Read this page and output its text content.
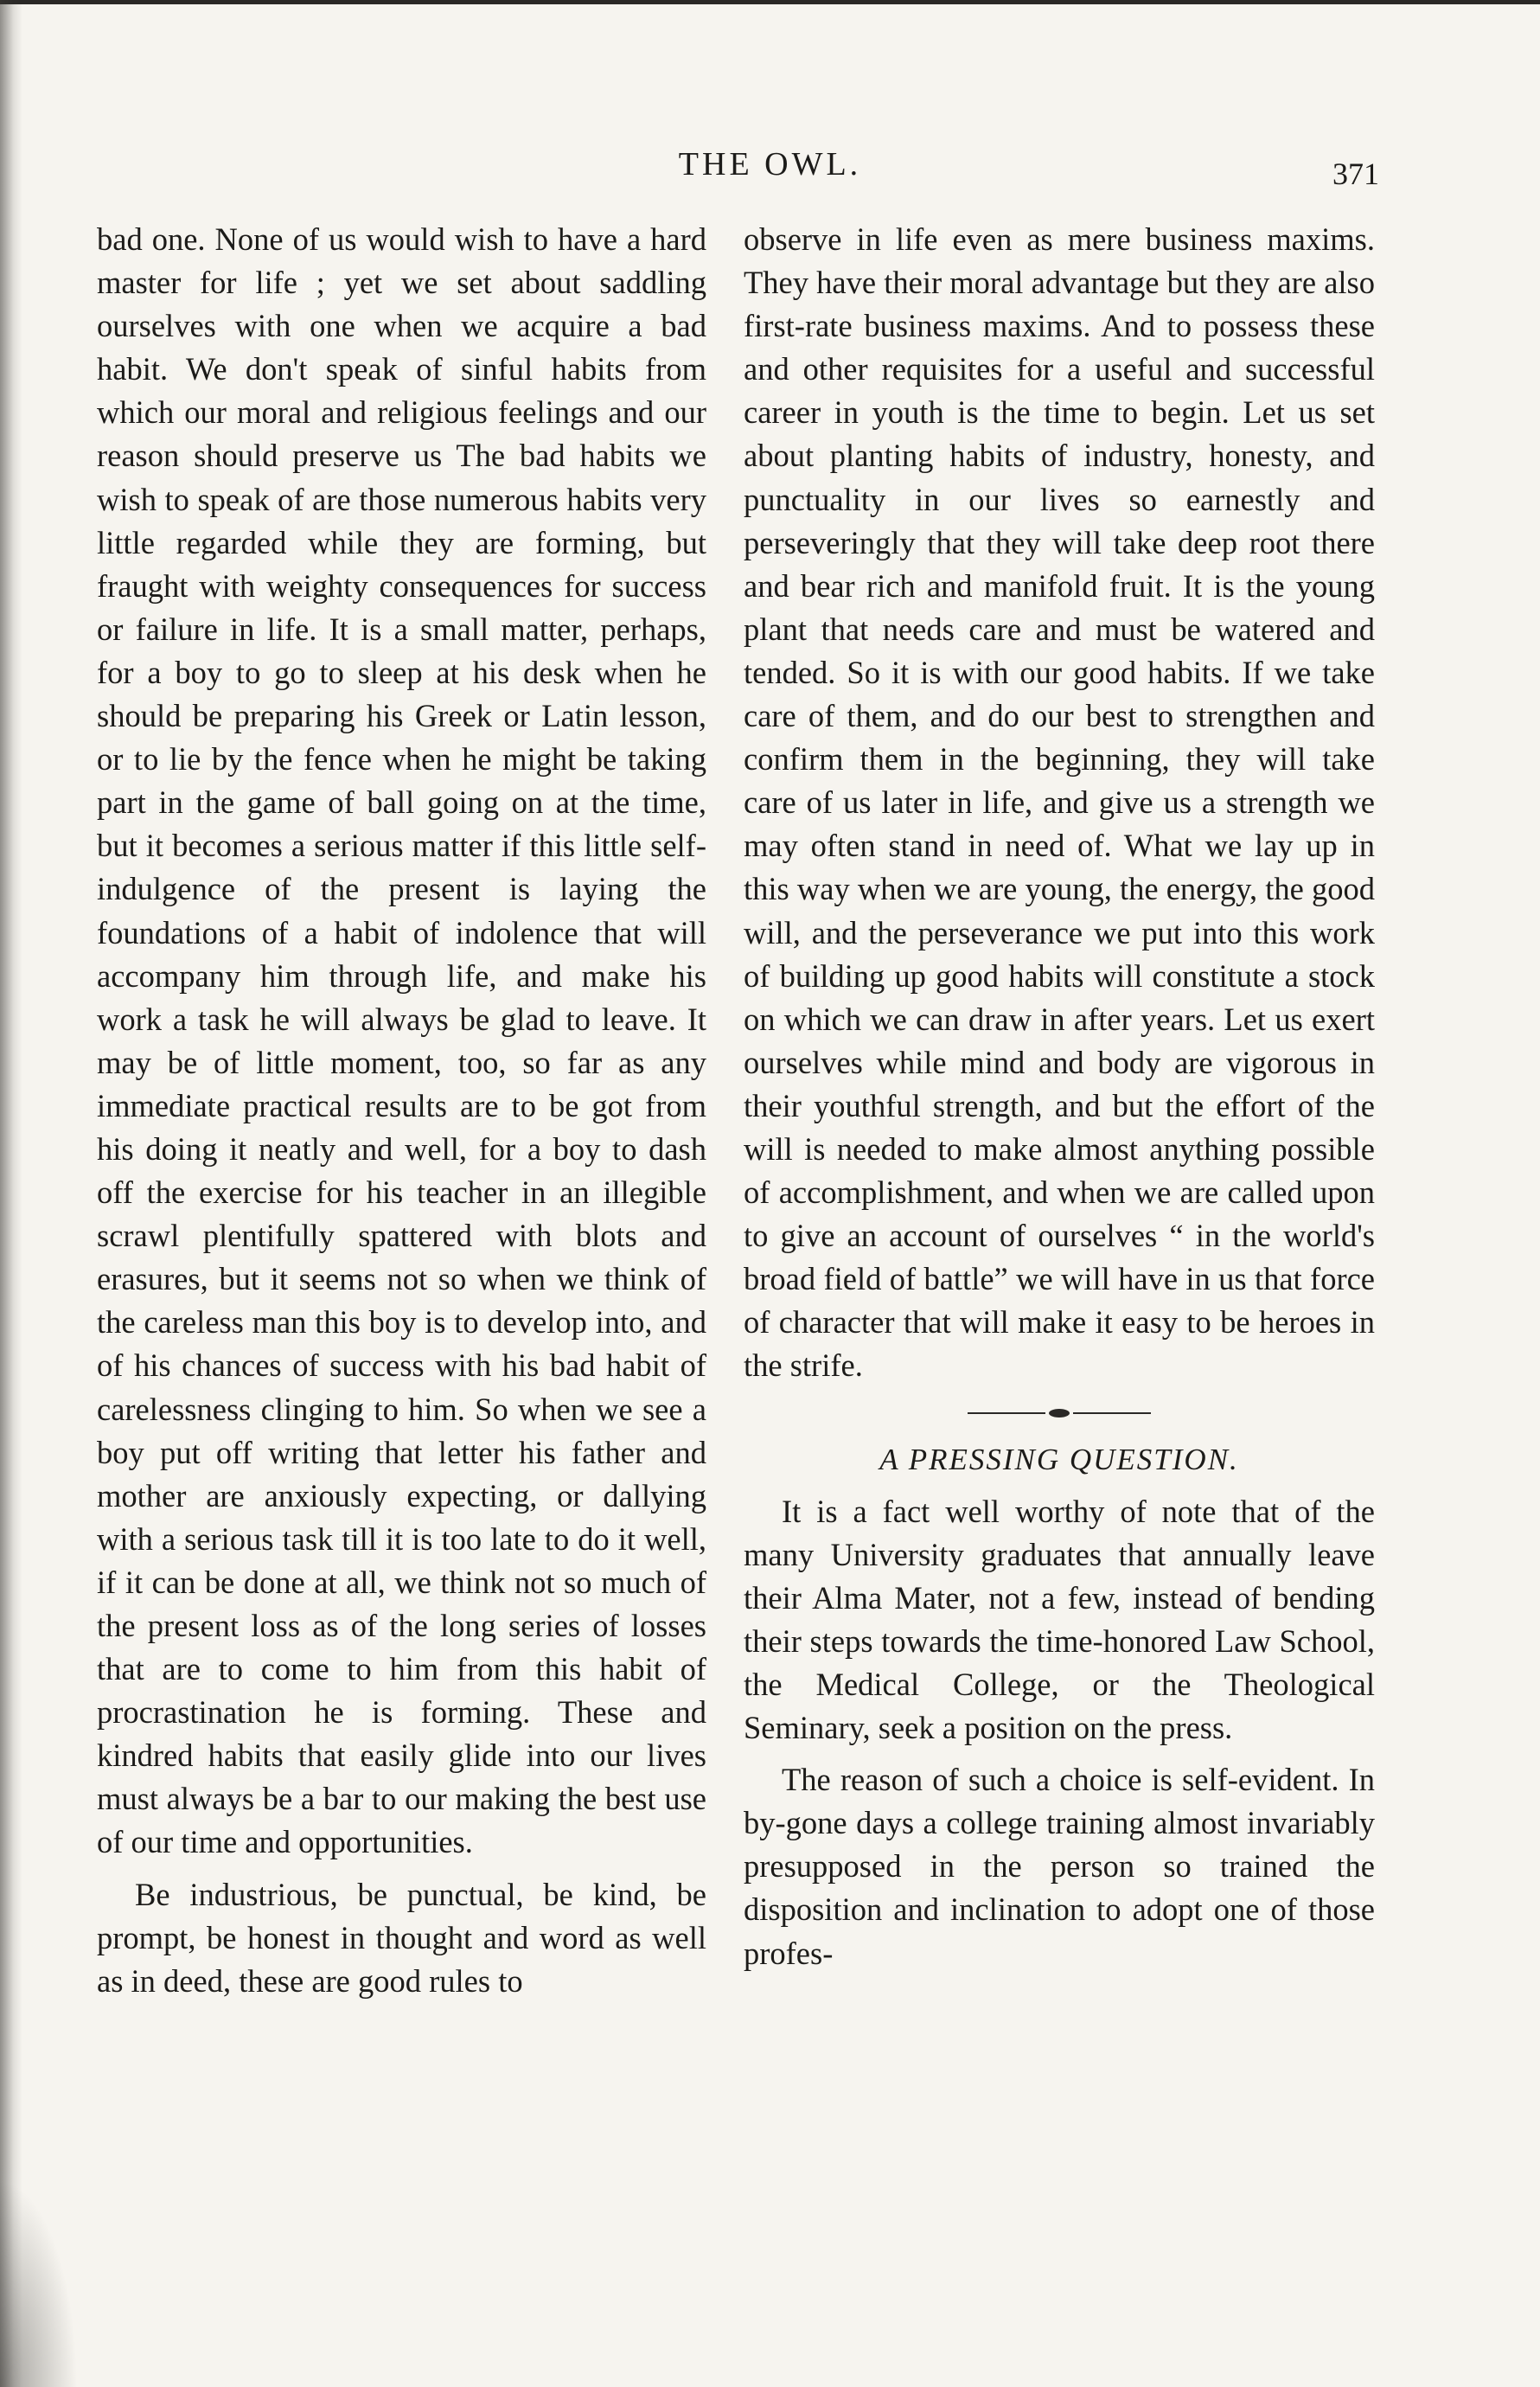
THE OWL.	371

bad one. None of us would wish to have a hard master for life ; yet we set about saddling ourselves with one when we acquire a bad habit. We don't speak of sinful habits from which our moral and religious feelings and our reason should preserve us The bad habits we wish to speak of are those numerous habits very little regarded while they are forming, but fraught with weighty consequences for success or failure in life. It is a small matter, perhaps, for a boy to go to sleep at his desk when he should be preparing his Greek or Latin lesson, or to lie by the fence when he might be taking part in the game of ball going on at the time, but it becomes a serious matter if this little self-indulgence of the present is laying the foundations of a habit of indolence that will accompany him through life, and make his work a task he will always be glad to leave. It may be of little moment, too, so far as any immediate practical results are to be got from his doing it neatly and well, for a boy to dash off the exercise for his teacher in an illegible scrawl plentifully spattered with blots and erasures, but it seems not so when we think of the careless man this boy is to develop into, and of his chances of success with his bad habit of carelessness clinging to him. So when we see a boy put off writing that letter his father and mother are anxiously expecting, or dallying with a serious task till it is too late to do it well, if it can be done at all, we think not so much of the present loss as of the long series of losses that are to come to him from this habit of procrastination he is forming. These and kindred habits that easily glide into our lives must always be a bar to our making the best use of our time and opportunities.

Be industrious, be punctual, be kind, be prompt, be honest in thought and word as well as in deed, these are good rules to

observe in life even as mere business maxims. They have their moral advantage but they are also first-rate business maxims. And to possess these and other requisites for a useful and successful career in youth is the time to begin. Let us set about planting habits of industry, honesty, and punctuality in our lives so earnestly and perseveringly that they will take deep root there and bear rich and manifold fruit. It is the young plant that needs care and must be watered and tended. So it is with our good habits. If we take care of them, and do our best to strengthen and confirm them in the beginning, they will take care of us later in life, and give us a strength we may often stand in need of. What we lay up in this way when we are young, the energy, the good will, and the perseverance we put into this work of building up good habits will constitute a stock on which we can draw in after years. Let us exert ourselves while mind and body are vigorous in their youthful strength, and but the effort of the will is needed to make almost anything possible of accomplishment, and when we are called upon to give an account of ourselves “ in the world's broad field of battle” we will have in us that force of character that will make it easy to be heroes in the strife.

A PRESSING QUESTION.

It is a fact well worthy of note that of the many University graduates that annually leave their Alma Mater, not a few, instead of bending their steps towards the time-honored Law School, the Medical College, or the Theological Seminary, seek a position on the press.

The reason of such a choice is self-evident. In by-gone days a college training almost invariably presupposed in the person so trained the disposition and inclination to adopt one of those profes-
